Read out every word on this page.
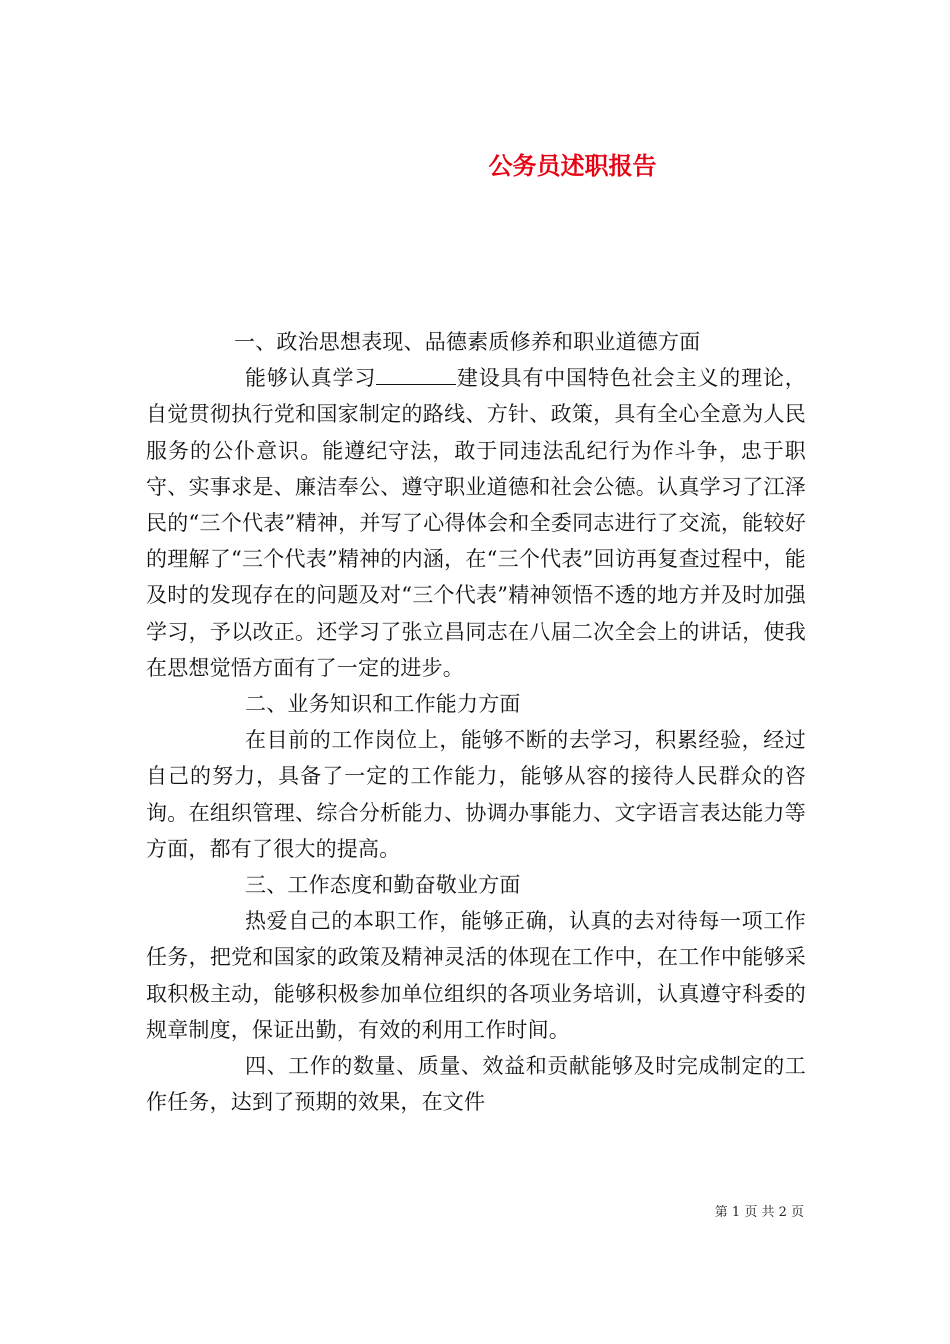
公务员述职报告

一、政治思想表现、品德素质修养和职业道德方面

能够认真学习	建设具有中国特色社会主义的理论，自觉贯彻执行党和国家制定的路线、方针、政策，具有全心全意为人民服务的公仆意识。能遵纪守法，敢于同违法乱纪行为作斗争，忠于职守、实事求是、廉洁奉公、遵守职业道德和社会公德。认真学习了江泽民的“三个代表”精神，并写了心得体会和全委同志进行了交流，能较好的理解了“三个代表”精神的内涵，在“三个代表”回访再复查过程中，能及时的发现存在的问题及对“三个代表”精神领悟不透的地方并及时加强学习，予以改正。还学习了张立昌同志在八届二次全会上的讲话，使我在思想觉悟方面有了一定的进步。

二、业务知识和工作能力方面

在目前的工作岗位上，能够不断的去学习，积累经验，经过自己的努力，具备了一定的工作能力，能够从容的接待人民群众的咨询。在组织管理、综合分析能力、协调办事能力、文字语言表达能力等方面，都有了很大的提高。

三、工作态度和勤奋敬业方面

热爱自己的本职工作，能够正确，认真的去对待每一项工作任务，把党和国家的政策及精神灵活的体现在工作中，在工作中能够采取积极主动，能够积极参加单位组织的各项业务培训，认真遵守科委的规章制度，保证出勤，有效的利用工作时间。

四、工作的数量、质量、效益和贡献能够及时完成制定的工作任务，达到了预期的效果，在文件

第 1 页 共 2 页
